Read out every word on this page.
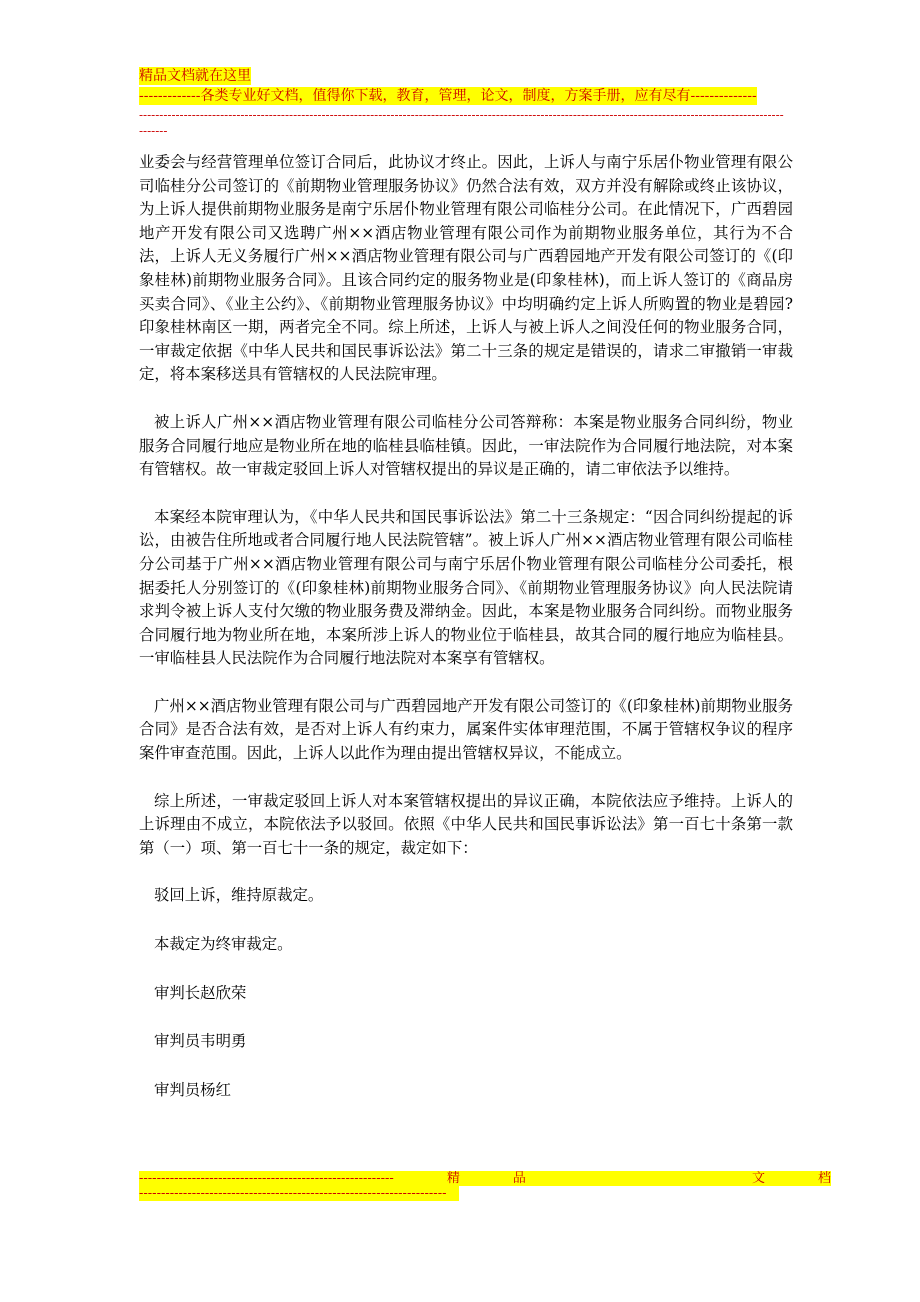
精品文档就在这里
-------------各类专业好文档，值得你下载，教育，管理，论文，制度，方案手册，应有尽有--------------
----------------------------------------------------------------------------------------------------------------------------------------------------------------------

业委会与经营管理单位签订合同后，此协议才终止。因此，上诉人与南宁乐居仆物业管理有限公司临桂分公司签订的《前期物业管理服务协议》仍然合法有效，双方并没有解除或终止该协议，为上诉人提供前期物业服务是南宁乐居仆物业管理有限公司临桂分公司。在此情况下，广西碧园地产开发有限公司又选聘广州××酒店物业管理有限公司作为前期物业服务单位，其行为不合法，上诉人无义务履行广州××酒店物业管理有限公司与广西碧园地产开发有限公司签订的《(印象桂林)前期物业服务合同》。且该合同约定的服务物业是(印象桂林)，而上诉人签订的《商品房买卖合同》、《业主公约》、《前期物业管理服务协议》中均明确约定上诉人所购置的物业是碧园?印象桂林南区一期，两者完全不同。综上所述，上诉人与被上诉人之间没任何的物业服务合同，一审裁定依据《中华人民共和国民事诉讼法》第二十三条的规定是错误的，请求二审撤销一审裁定，将本案移送具有管辖权的人民法院审理。

被上诉人广州××酒店物业管理有限公司临桂分公司答辩称：本案是物业服务合同纠纷，物业服务合同履行地应是物业所在地的临桂县临桂镇。因此，一审法院作为合同履行地法院，对本案有管辖权。故一审裁定驳回上诉人对管辖权提出的异议是正确的，请二审依法予以维持。

本案经本院审理认为，《中华人民共和国民事诉讼法》第二十三条规定：“因合同纠纷提起的诉讼，由被告住所地或者合同履行地人民法院管辖”。被上诉人广州××酒店物业管理有限公司临桂分公司基于广州××酒店物业管理有限公司与南宁乐居仆物业管理有限公司临桂分公司委托，根据委托人分别签订的《(印象桂林)前期物业服务合同》、《前期物业管理服务协议》向人民法院请求判令被上诉人支付欠缴的物业服务费及滞纳金。因此，本案是物业服务合同纠纷。而物业服务合同履行地为物业所在地，本案所涉上诉人的物业位于临桂县，故其合同的履行地应为临桂县。一审临桂县人民法院作为合同履行地法院对本案享有管辖权。

广州××酒店物业管理有限公司与广西碧园地产开发有限公司签订的《(印象桂林)前期物业服务合同》是否合法有效，是否对上诉人有约束力，属案件实体审理范围，不属于管辖权争议的程序案件审查范围。因此，上诉人以此作为理由提出管辖权异议，不能成立。

综上所述，一审裁定驳回上诉人对本案管辖权提出的异议正确，本院依法应予维持。上诉人的上诉理由不成立，本院依法予以驳回。依照《中华人民共和国民事诉讼法》第一百七十条第一款第（一）项、第一百七十一条的规定，裁定如下：

驳回上诉，维持原裁定。

本裁定为终审裁定。

审判长赵欣荣

审判员韦明勇

审判员杨红

----------------------------------------------------------	精	品	文	档
----------------------------------------------------------------------
